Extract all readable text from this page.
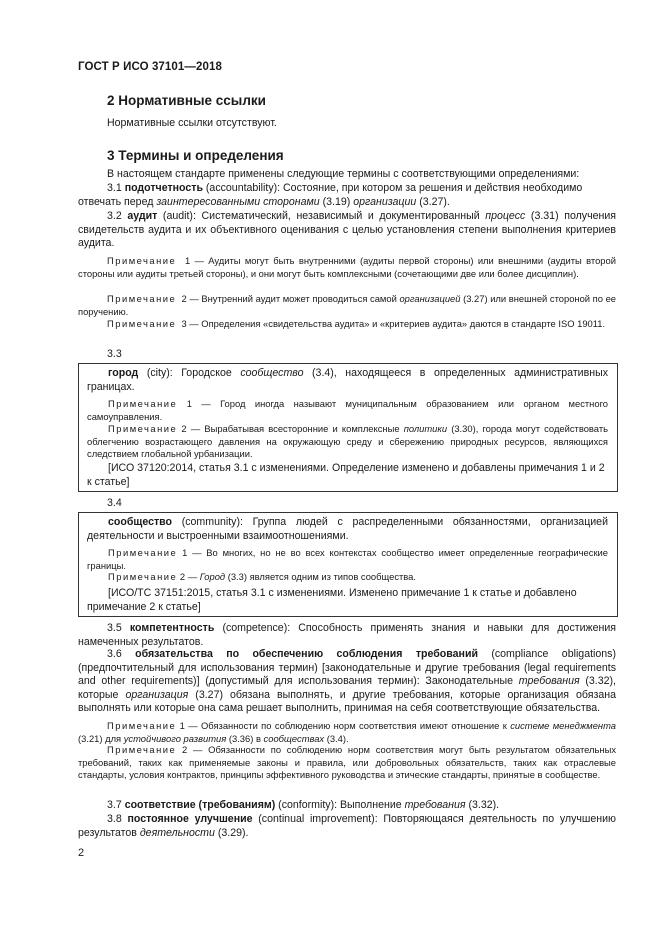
ГОСТ Р ИСО 37101—2018
2 Нормативные ссылки
Нормативные ссылки отсутствуют.
3 Термины и определения
В настоящем стандарте применены следующие термины с соответствующими определениями:

3.1 подотчетность (accountability): Состояние, при котором за решения и действия необходимо отвечать перед заинтересованными сторонами (3.19) организации (3.27).

3.2 аудит (audit): Систематический, независимый и документированный процесс (3.31) получения свидетельств аудита и их объективного оценивания с целью установления степени выполнения критериев аудита.

Примечание 1 — Аудиты могут быть внутренними (аудиты первой стороны) или внешними (аудиты второй стороны или аудиты третьей стороны), и они могут быть комплексными (сочетающими две или более дисциплин).

Примечание 2 — Внутренний аудит может проводиться самой организацией (3.27) или внешней стороной по ее поручению.

Примечание 3 — Определения «свидетельства аудита» и «критериев аудита» даются в стандарте ISO 19011.

3.3

город (city): Городское сообщество (3.4), находящееся в определенных административных границах.

Примечание 1 — Город иногда называют муниципальным образованием или органом местного самоуправления.

Примечание 2 — Вырабатывая всесторонние и комплексные политики (3.30), города могут содействовать облегчению возрастающего давления на окружающую среду и сбережению природных ресурсов, являющихся следствием глобальной урбанизации.

[ИСО 37120:2014, статья 3.1 с изменениями. Определение изменено и добавлены примечания 1 и 2 к статье]

3.4

сообщество (community): Группа людей с распределенными обязанностями, организацией деятельности и выстроенными взаимоотношениями.

Примечание 1 — Во многих, но не во всех контекстах сообщество имеет определенные географические границы.

Примечание 2 — Город (3.3) является одним из типов сообщества.

[ИСО/ТС 37151:2015, статья 3.1 с изменениями. Изменено примечание 1 к статье и добавлено примечание 2 к статье]

3.5 компетентность (competence): Способность применять знания и навыки для достижения намеченных результатов.

3.6 обязательства по обеспечению соблюдения требований (compliance obligations) (предпочтительный для использования термин) [законодательные и другие требования (legal requirements and other requirements)] (допустимый для использования термин): Законодательные требования (3.32), которые организация (3.27) обязана выполнять, и другие требования, которые организация обязана выполнять или которые она сама решает выполнить, принимая на себя соответствующие обязательства.

Примечание 1 — Обязанности по соблюдению норм соответствия имеют отношение к системе менеджмента (3.21) для устойчивого развития (3.36) в сообществах (3.4).

Примечание 2 — Обязанности по соблюдению норм соответствия могут быть результатом обязательных требований, таких как применяемые законы и правила, или добровольных обязательств, таких как отраслевые стандарты, условия контрактов, принципы эффективного руководства и этические стандарты, принятые в сообществе.

3.7 соответствие (требованиям) (conformity): Выполнение требования (3.32).

3.8 постоянное улучшение (continual improvement): Повторяющаяся деятельность по улучшению результатов деятельности (3.29).

2
